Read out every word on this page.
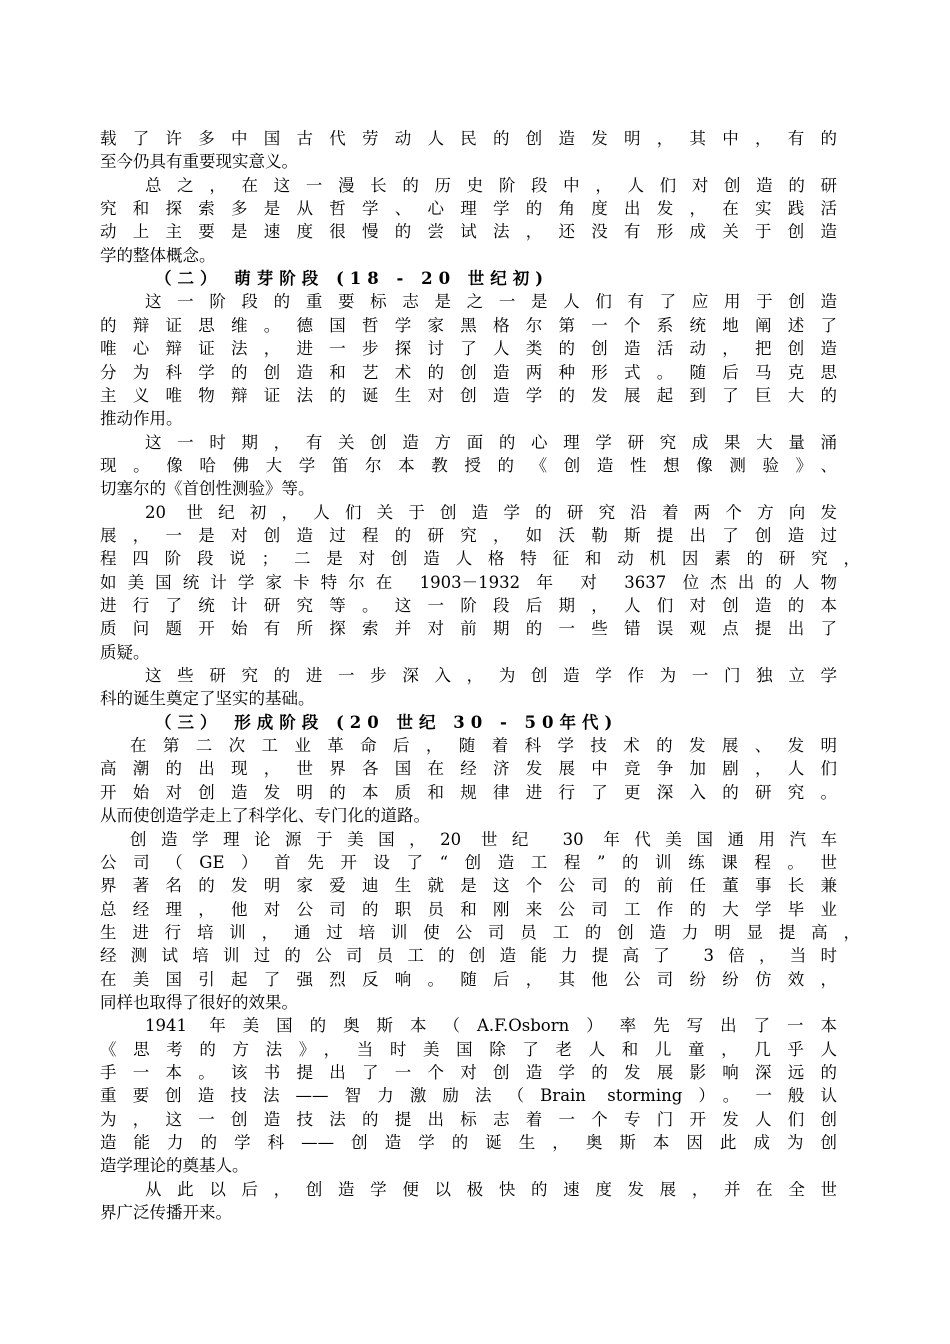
载了许多中国古代劳动人民的创造发明，其中，有的
至今仍具有重要现实意义。
总之，在这一漫长的历史阶段中，人们对创造的研
究和探索多是从哲学、心理学的角度出发，在实践活
动上主要是速度很慢的尝试法，还没有形成关于创造
学的整体概念。
（二） 萌芽阶段 (18 - 20 世纪初)
这一阶段的重要标志是之一是人们有了应用于创造
的辩证思维。德国哲学家黑格尔第一个系统地阐述了
唯心辩证法，进一步探讨了人类的创造活动，把创造
分为科学的创造和艺术的创造两种形式。随后马克思
主义唯物辩证法的诞生对创造学的发展起到了巨大的
推动作用。
这一时期，有关创造方面的心理学研究成果大量涌
现。像哈佛大学笛尔本教授的《创造性想像测验》、
切塞尔的《首创性测验》等。
20 世纪初，人们关于创造学的研究沿着两个方向发
展，一是对创造过程的研究，如沃勒斯提出了创造过
程四阶段说；二是对创造人格特征和动机因素的研究，
如美国统计学家卡特尔在 1903－1932 年 对 3637 位杰出的人物
进行了统计研究等。这一阶段后期，人们对创造的本
质问题开始有所探索并对前期的一些错误观点提出了
质疑。
这些研究的进一步深入，为创造学作为一门独立学
科的诞生奠定了坚实的基础。
（三） 形成阶段 (20 世纪 30 - 50年代)
在第二次工业革命后，随着科学技术的发展、发明
高潮的出现，世界各国在经济发展中竞争加剧，人们
开始对创造发明的本质和规律进行了更深入的研究。
从而使创造学走上了科学化、专门化的道路。
创造学理论源于美国，20 世纪 30 年代美国通用汽车
公司（GE）首先开设了“创造工程”的训练课程。世
界著名的发明家爱迪生就是这个公司的前任董事长兼
总经理，他对公司的职员和刚来公司工作的大学毕业
生进行培训，通过培训使公司员工的创造力明显提高，
经测试培训过的公司员工的创造能力提高了 3倍，当时
在美国引起了强烈反响。随后，其他公司纷纷仿效，
同样也取得了很好的效果。
1941 年美国的奥斯本（A.F.Osborn）率先写出了一本
《思考的方法》，当时美国除了老人和儿童，几乎人
手一本。该书提出了一个对创造学的发展影响深远的
重要创造技法——智力激励法（Brain storming）。一般认
为，这一创造技法的提出标志着一个专门开发人们创
造能力的学科——创造学的诞生，奥斯本因此成为创
造学理论的奠基人。
从此以后，创造学便以极快的速度发展，并在全世
界广泛传播开来。
